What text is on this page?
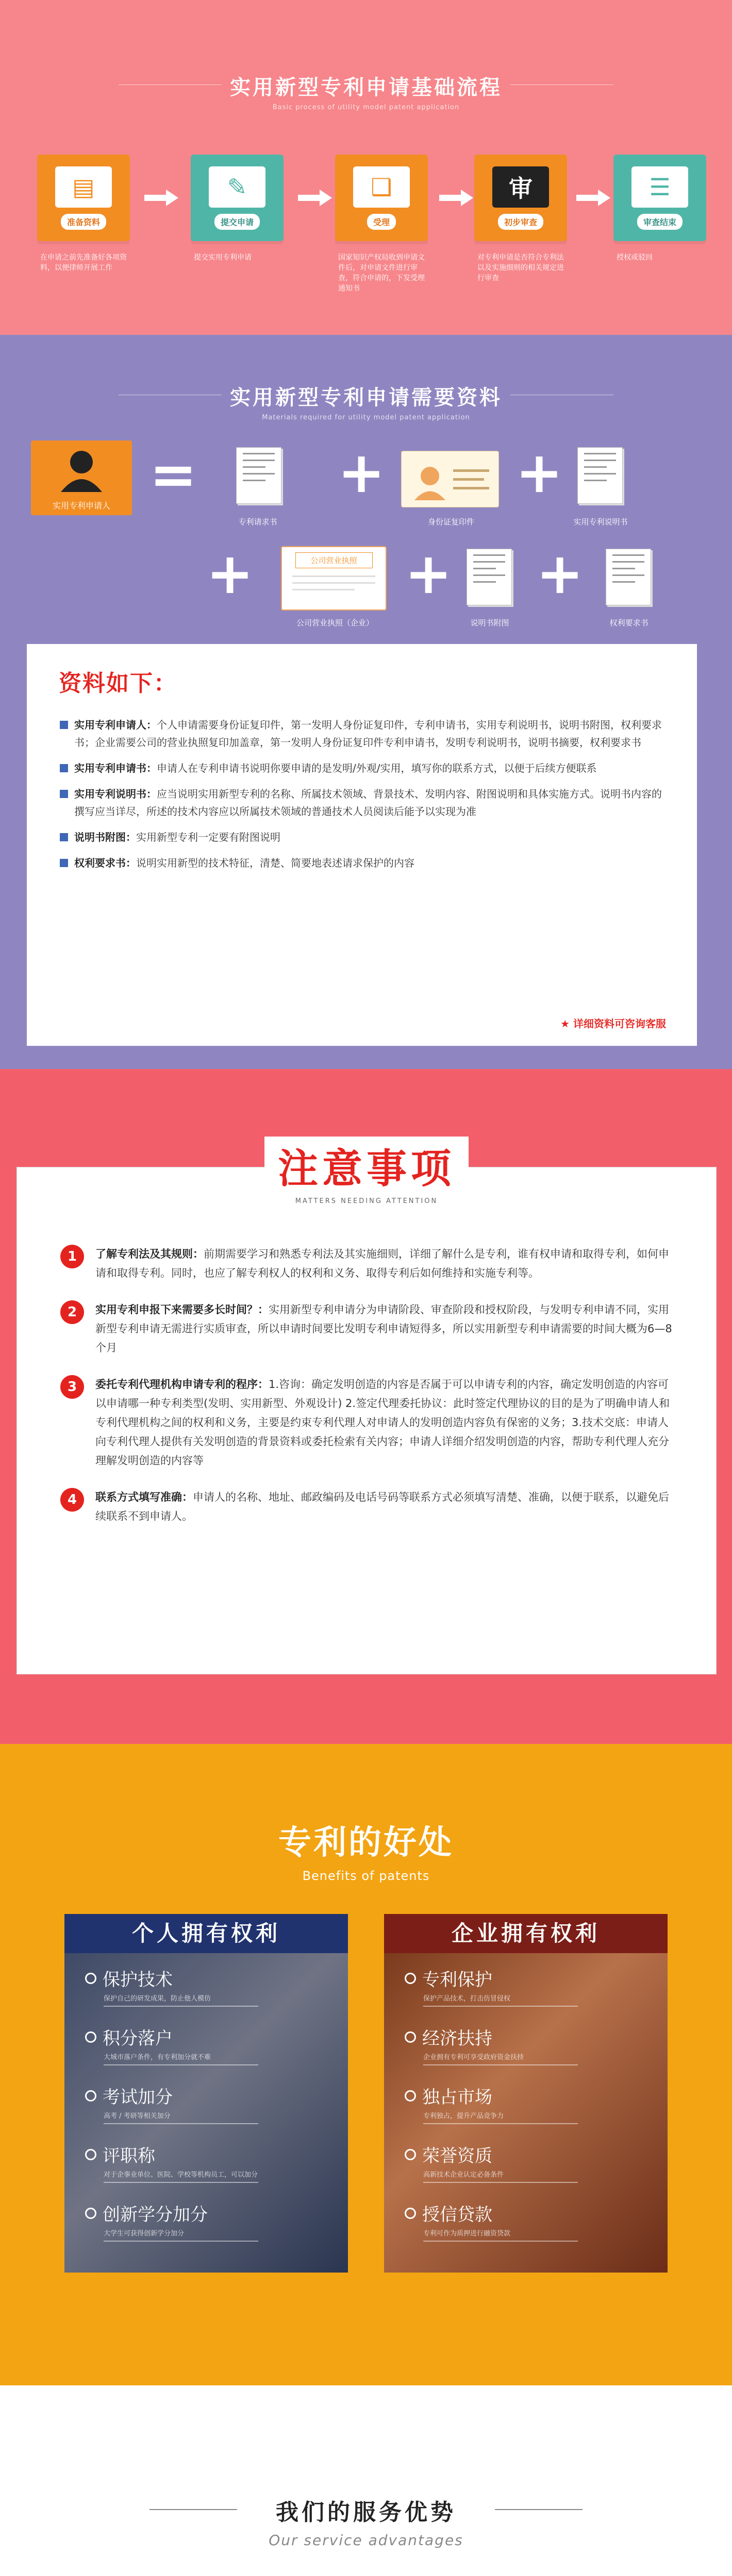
实用新型专利申请基础流程
Basic process of utility model patent application
▤
准备资料
在申请之前先准备好各项资料，以便律师开展工作
✎
提交申请
提交实用专利申请
❑
受理
国家知识产权局收到申请文件后，对申请文件进行审查，符合申请的，下发受理通知书
审
初步审查
对专利申请是否符合专利法以及实施细则的相关规定进行审查
☰
审查结束
授权或驳回
实用新型专利申请需要资料
Materials required for utility model patent application
实用专利申请人 =
专利请求书
+
身份证复印件
+
实用专利说明书
+	公司营业执照
公司营业执照（企业）
+
说明书附图
+
权利要求书
资料如下：
实用专利申请人：个人申请需要身份证复印件，第一发明人身份证复印件，专利申请书，实用专利说明书，说明书附图，权利要求书；企业需要公司的营业执照复印加盖章，第一发明人身份证复印件专利申请书，发明专利说明书，说明书摘要，权利要求书
实用专利申请书：申请人在专利申请书说明你要申请的是发明/外观/实用，填写你的联系方式，以便于后续方便联系
实用专利说明书：应当说明实用新型专利的名称、所属技术领域、背景技术、发明内容、附图说明和具体实施方式。说明书内容的撰写应当详尽，所述的技术内容应以所属技术领域的普通技术人员阅读后能予以实现为准
说明书附图：实用新型专利一定要有附图说明
权利要求书：说明实用新型的技术特征，清楚、简要地表述请求保护的内容
★ 详细资料可咨询客服
注意事项
MATTERS NEEDING ATTENTION
1	了解专利法及其规则：前期需要学习和熟悉专利法及其实施细则，详细了解什么是专利，谁有权申请和取得专利，如何申请和取得专利。同时，也应了解专利权人的权利和义务、取得专利后如何维持和实施专利等。
2	实用专利申报下来需要多长时间？：实用新型专利申请分为申请阶段、审查阶段和授权阶段，与发明专利申请不同，实用新型专利申请无需进行实质审查，所以申请时间要比发明专利申请短得多，所以实用新型专利申请需要的时间大概为6—8个月
3	委托专利代理机构申请专利的程序：1.咨询：确定发明创造的内容是否属于可以申请专利的内容，确定发明创造的内容可以申请哪一种专利类型(发明、实用新型、外观设计) 2.签定代理委托协议：此时签定代理协议的目的是为了明确申请人和专利代理机构之间的权利和义务，主要是约束专利代理人对申请人的发明创造内容负有保密的义务；3.技术交底：申请人向专利代理人提供有关发明创造的背景资料或委托检索有关内容；申请人详细介绍发明创造的内容，帮助专利代理人充分理解发明创造的内容等
4	联系方式填写准确：申请人的名称、地址、邮政编码及电话号码等联系方式必须填写清楚、准确，以便于联系，以避免后续联系不到申请人。
专利的好处
Benefits of patents
个人拥有权利
保护技术
保护自己的研发成果，防止他人模仿
积分落户
大城市落户条件，有专利加分就不难
考试加分
高考 / 考研等相关加分
评职称
对于企事业单位、医院、学校等机构员工，可以加分
创新学分加分
大学生可获得创新学分加分
企业拥有权利
专利保护
保护产品技术，打击仿冒侵权
经济扶持
企业拥有专利可享受政府资金扶持
独占市场
专利独占，提升产品竞争力
荣誉资质
高新技术企业认定必备条件
授信贷款
专利可作为质押进行融资贷款
我们的服务优势
Our service advantages
